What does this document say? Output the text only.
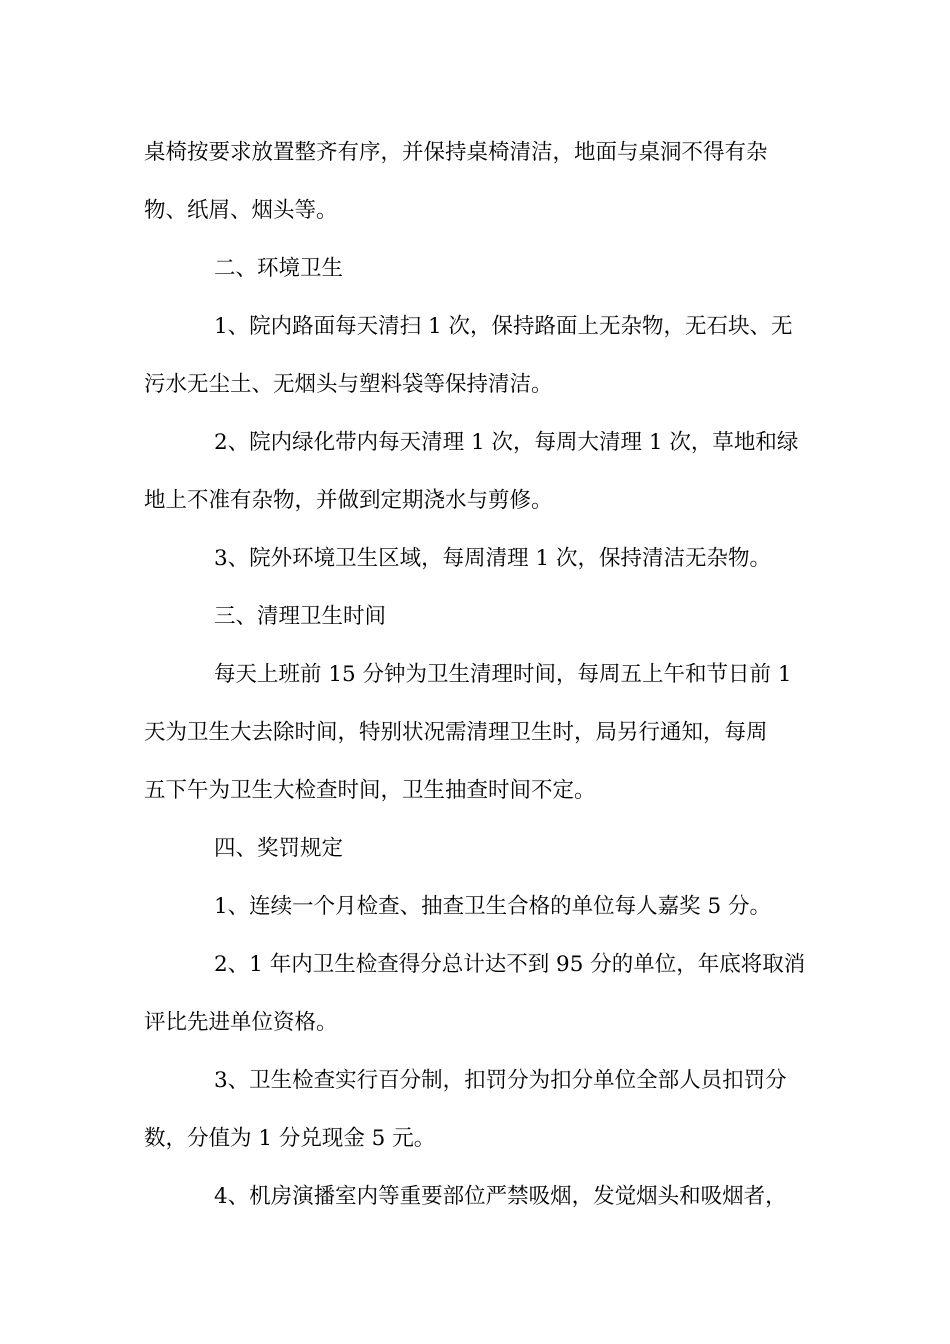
桌椅按要求放置整齐有序，并保持桌椅清洁，地面与桌洞不得有杂
物、纸屑、烟头等。

二、环境卫生

1、院内路面每天清扫 1 次，保持路面上无杂物，无石块、无
污水无尘土、无烟头与塑料袋等保持清洁。

2、院内绿化带内每天清理 1 次，每周大清理 1 次，草地和绿
地上不准有杂物，并做到定期浇水与剪修。

3、院外环境卫生区域，每周清理 1 次，保持清洁无杂物。

三、清理卫生时间

每天上班前 15 分钟为卫生清理时间，每周五上午和节日前 1
天为卫生大去除时间，特别状况需清理卫生时，局另行通知，每周
五下午为卫生大检查时间，卫生抽查时间不定。

四、奖罚规定

1、连续一个月检查、抽查卫生合格的单位每人嘉奖 5 分。

2、1 年内卫生检查得分总计达不到 95 分的单位，年底将取消
评比先进单位资格。

3、卫生检查实行百分制，扣罚分为扣分单位全部人员扣罚分
数，分值为 1 分兑现金 5 元。

4、机房演播室内等重要部位严禁吸烟，发觉烟头和吸烟者，
